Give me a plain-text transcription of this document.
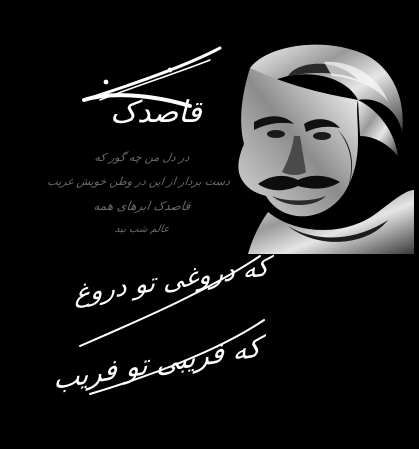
قاصدک
در دل من چه گور که
دست بردار از این در وطن خویش غریب
قاصدک ابرهای همه
عالم شب بید
که دروغی تو دروغ
که فریبی تو فریب
